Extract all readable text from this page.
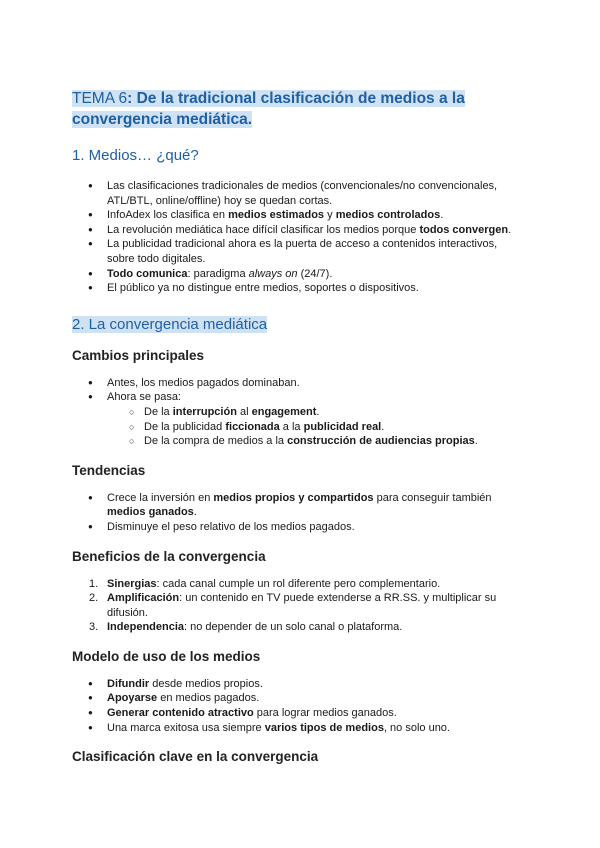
TEMA 6: De la tradicional clasificación de medios a la
convergencia mediática.
1. Medios… ¿qué?
● Las clasificaciones tradicionales de medios (convencionales/no convencionales,
ATL/BTL, online/offline) hoy se quedan cortas.
● InfoAdex los clasifica en medios estimados y medios controlados.
● La revolución mediática hace difícil clasificar los medios porque todos convergen.
● La publicidad tradicional ahora es la puerta de acceso a contenidos interactivos,
sobre todo digitales.
● Todo comunica: paradigma always on (24/7).
● El público ya no distingue entre medios, soportes o dispositivos.
2. La convergencia mediática
Cambios principales
● Antes, los medios pagados dominaban.
● Ahora se pasa:
○ De la interrupción al engagement.
○ De la publicidad ficcionada a la publicidad real.
○ De la compra de medios a la construcción de audiencias propias.
Tendencias
● Crece la inversión en medios propios y compartidos para conseguir también
medios ganados.
● Disminuye el peso relativo de los medios pagados.
Beneficios de la convergencia
1. Sinergias: cada canal cumple un rol diferente pero complementario.
2. Amplificación: un contenido en TV puede extenderse a RR.SS. y multiplicar su
difusión.
3. Independencia: no depender de un solo canal o plataforma.
Modelo de uso de los medios
● Difundir desde medios propios.
● Apoyarse en medios pagados.
● Generar contenido atractivo para lograr medios ganados.
● Una marca exitosa usa siempre varios tipos de medios, no solo uno.
Clasificación clave en la convergencia
